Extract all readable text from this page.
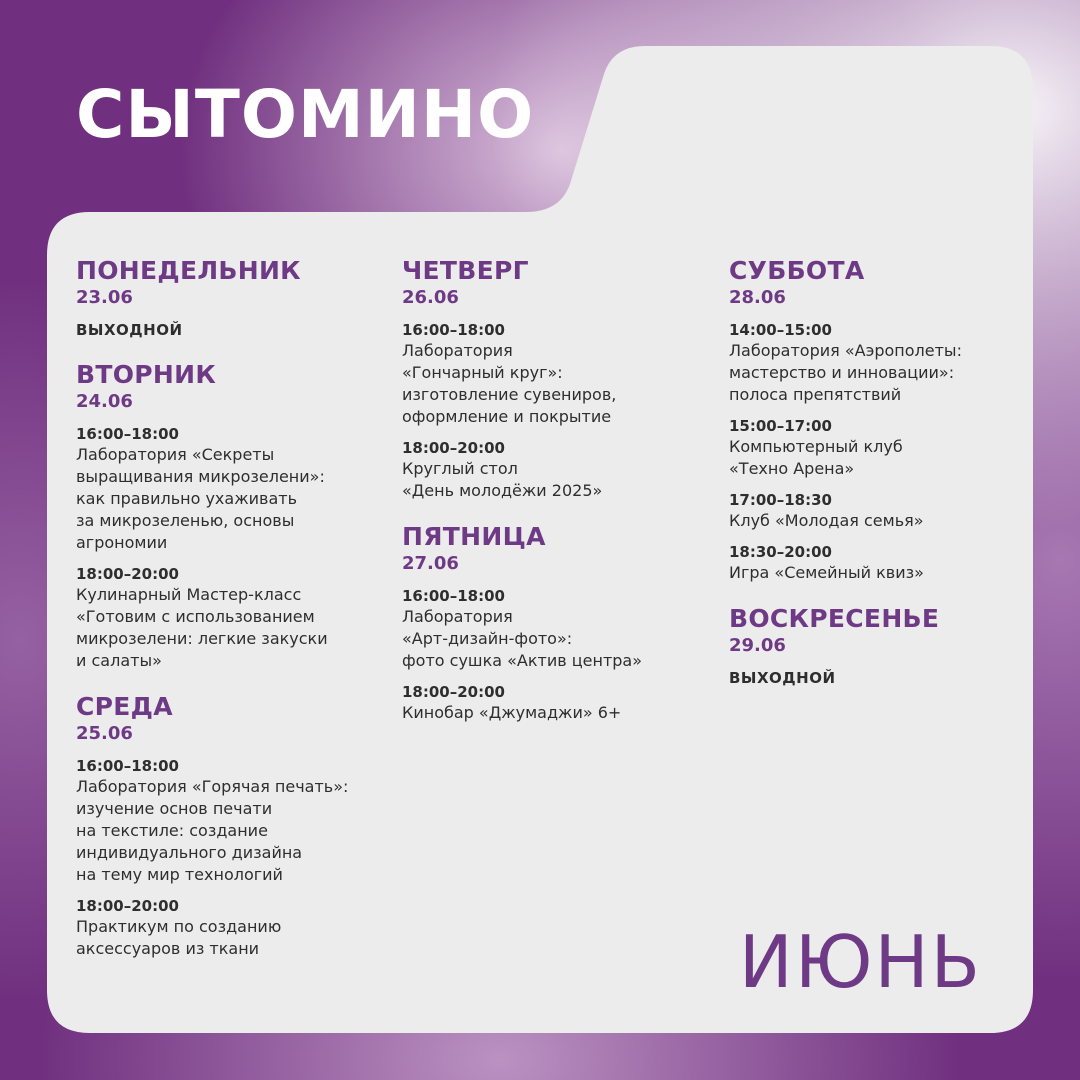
СЫТОМИНО
ПОНЕДЕЛЬНИК
23.06
ВЫХОДНОЙ
ВТОРНИК
24.06
16:00–18:00
Лаборатория «Секреты
выращивания микрозелени»:
как правильно ухаживать
за микрозеленью, основы
агрономии
18:00–20:00
Кулинарный Мастер-класс
«Готовим с использованием
микрозелени: легкие закуски
и салаты»
СРЕДА
25.06
16:00–18:00
Лаборатория «Горячая печать»:
изучение основ печати
на текстиле: создание
индивидуального дизайна
на тему мир технологий
18:00–20:00
Практикум по созданию
аксессуаров из ткани
ЧЕТВЕРГ
26.06
16:00–18:00
Лаборатория
«Гончарный круг»:
изготовление сувениров,
оформление и покрытие
18:00–20:00
Круглый стол
«День молодёжи 2025»
ПЯТНИЦА
27.06
16:00–18:00
Лаборатория
«Арт-дизайн-фото»:
фото сушка «Актив центра»
18:00–20:00
Кинобар «Джумаджи» 6+
СУББОТА
28.06
14:00–15:00
Лаборатория «Аэрополеты:
мастерство и инновации»:
полоса препятствий
15:00–17:00
Компьютерный клуб
«Техно Арена»
17:00–18:30
Клуб «Молодая семья»
18:30–20:00
Игра «Семейный квиз»
ВОСКРЕСЕНЬЕ
29.06
ВЫХОДНОЙ
ИЮНЬ
